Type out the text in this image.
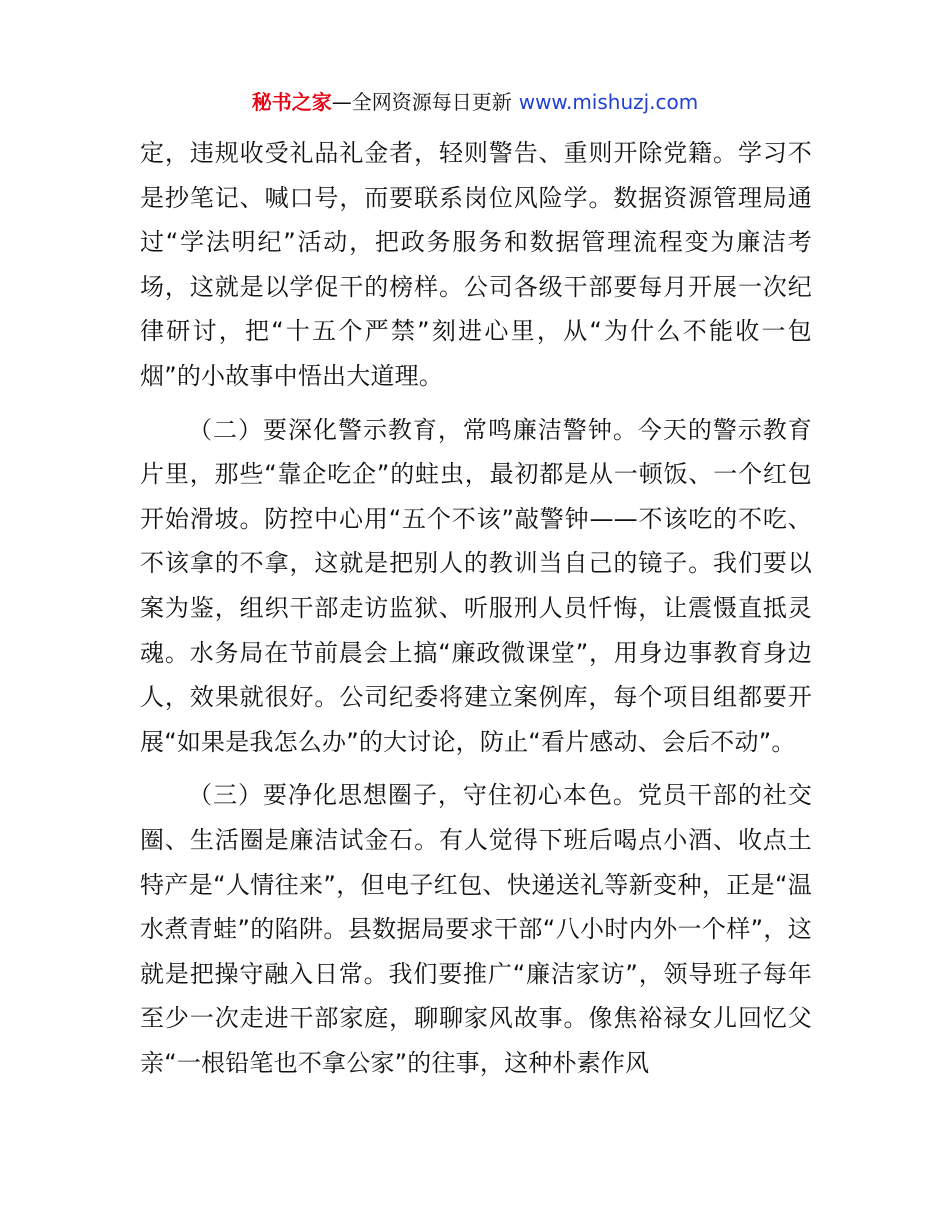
秘书之家—全网资源每日更新 www.mishuzj.com

定，违规收受礼品礼金者，轻则警告、重则开除党籍。学习不是抄笔记、喊口号，而要联系岗位风险学。数据资源管理局通过“学法明纪”活动，把政务服务和数据管理流程变为廉洁考场，这就是以学促干的榜样。公司各级干部要每月开展一次纪律研讨，把“十五个严禁”刻进心里，从“为什么不能收一包烟”的小故事中悟出大道理。

（二）要深化警示教育，常鸣廉洁警钟。今天的警示教育片里，那些“靠企吃企”的蛀虫，最初都是从一顿饭、一个红包开始滑坡。防控中心用“五个不该”敲警钟——不该吃的不吃、不该拿的不拿，这就是把别人的教训当自己的镜子。我们要以案为鉴，组织干部走访监狱、听服刑人员忏悔，让震慑直抵灵魂。水务局在节前晨会上搞“廉政微课堂”，用身边事教育身边人，效果就很好。公司纪委将建立案例库，每个项目组都要开展“如果是我怎么办”的大讨论，防止“看片感动、会后不动”。

（三）要净化思想圈子，守住初心本色。党员干部的社交圈、生活圈是廉洁试金石。有人觉得下班后喝点小酒、收点土特产是“人情往来”，但电子红包、快递送礼等新变种，正是“温水煮青蛙”的陷阱。县数据局要求干部“八小时内外一个样”，这就是把操守融入日常。我们要推广“廉洁家访”，领导班子每年至少一次走进干部家庭，聊聊家风故事。像焦裕禄女儿回忆父亲“一根铅笔也不拿公家”的往事，这种朴素作风
